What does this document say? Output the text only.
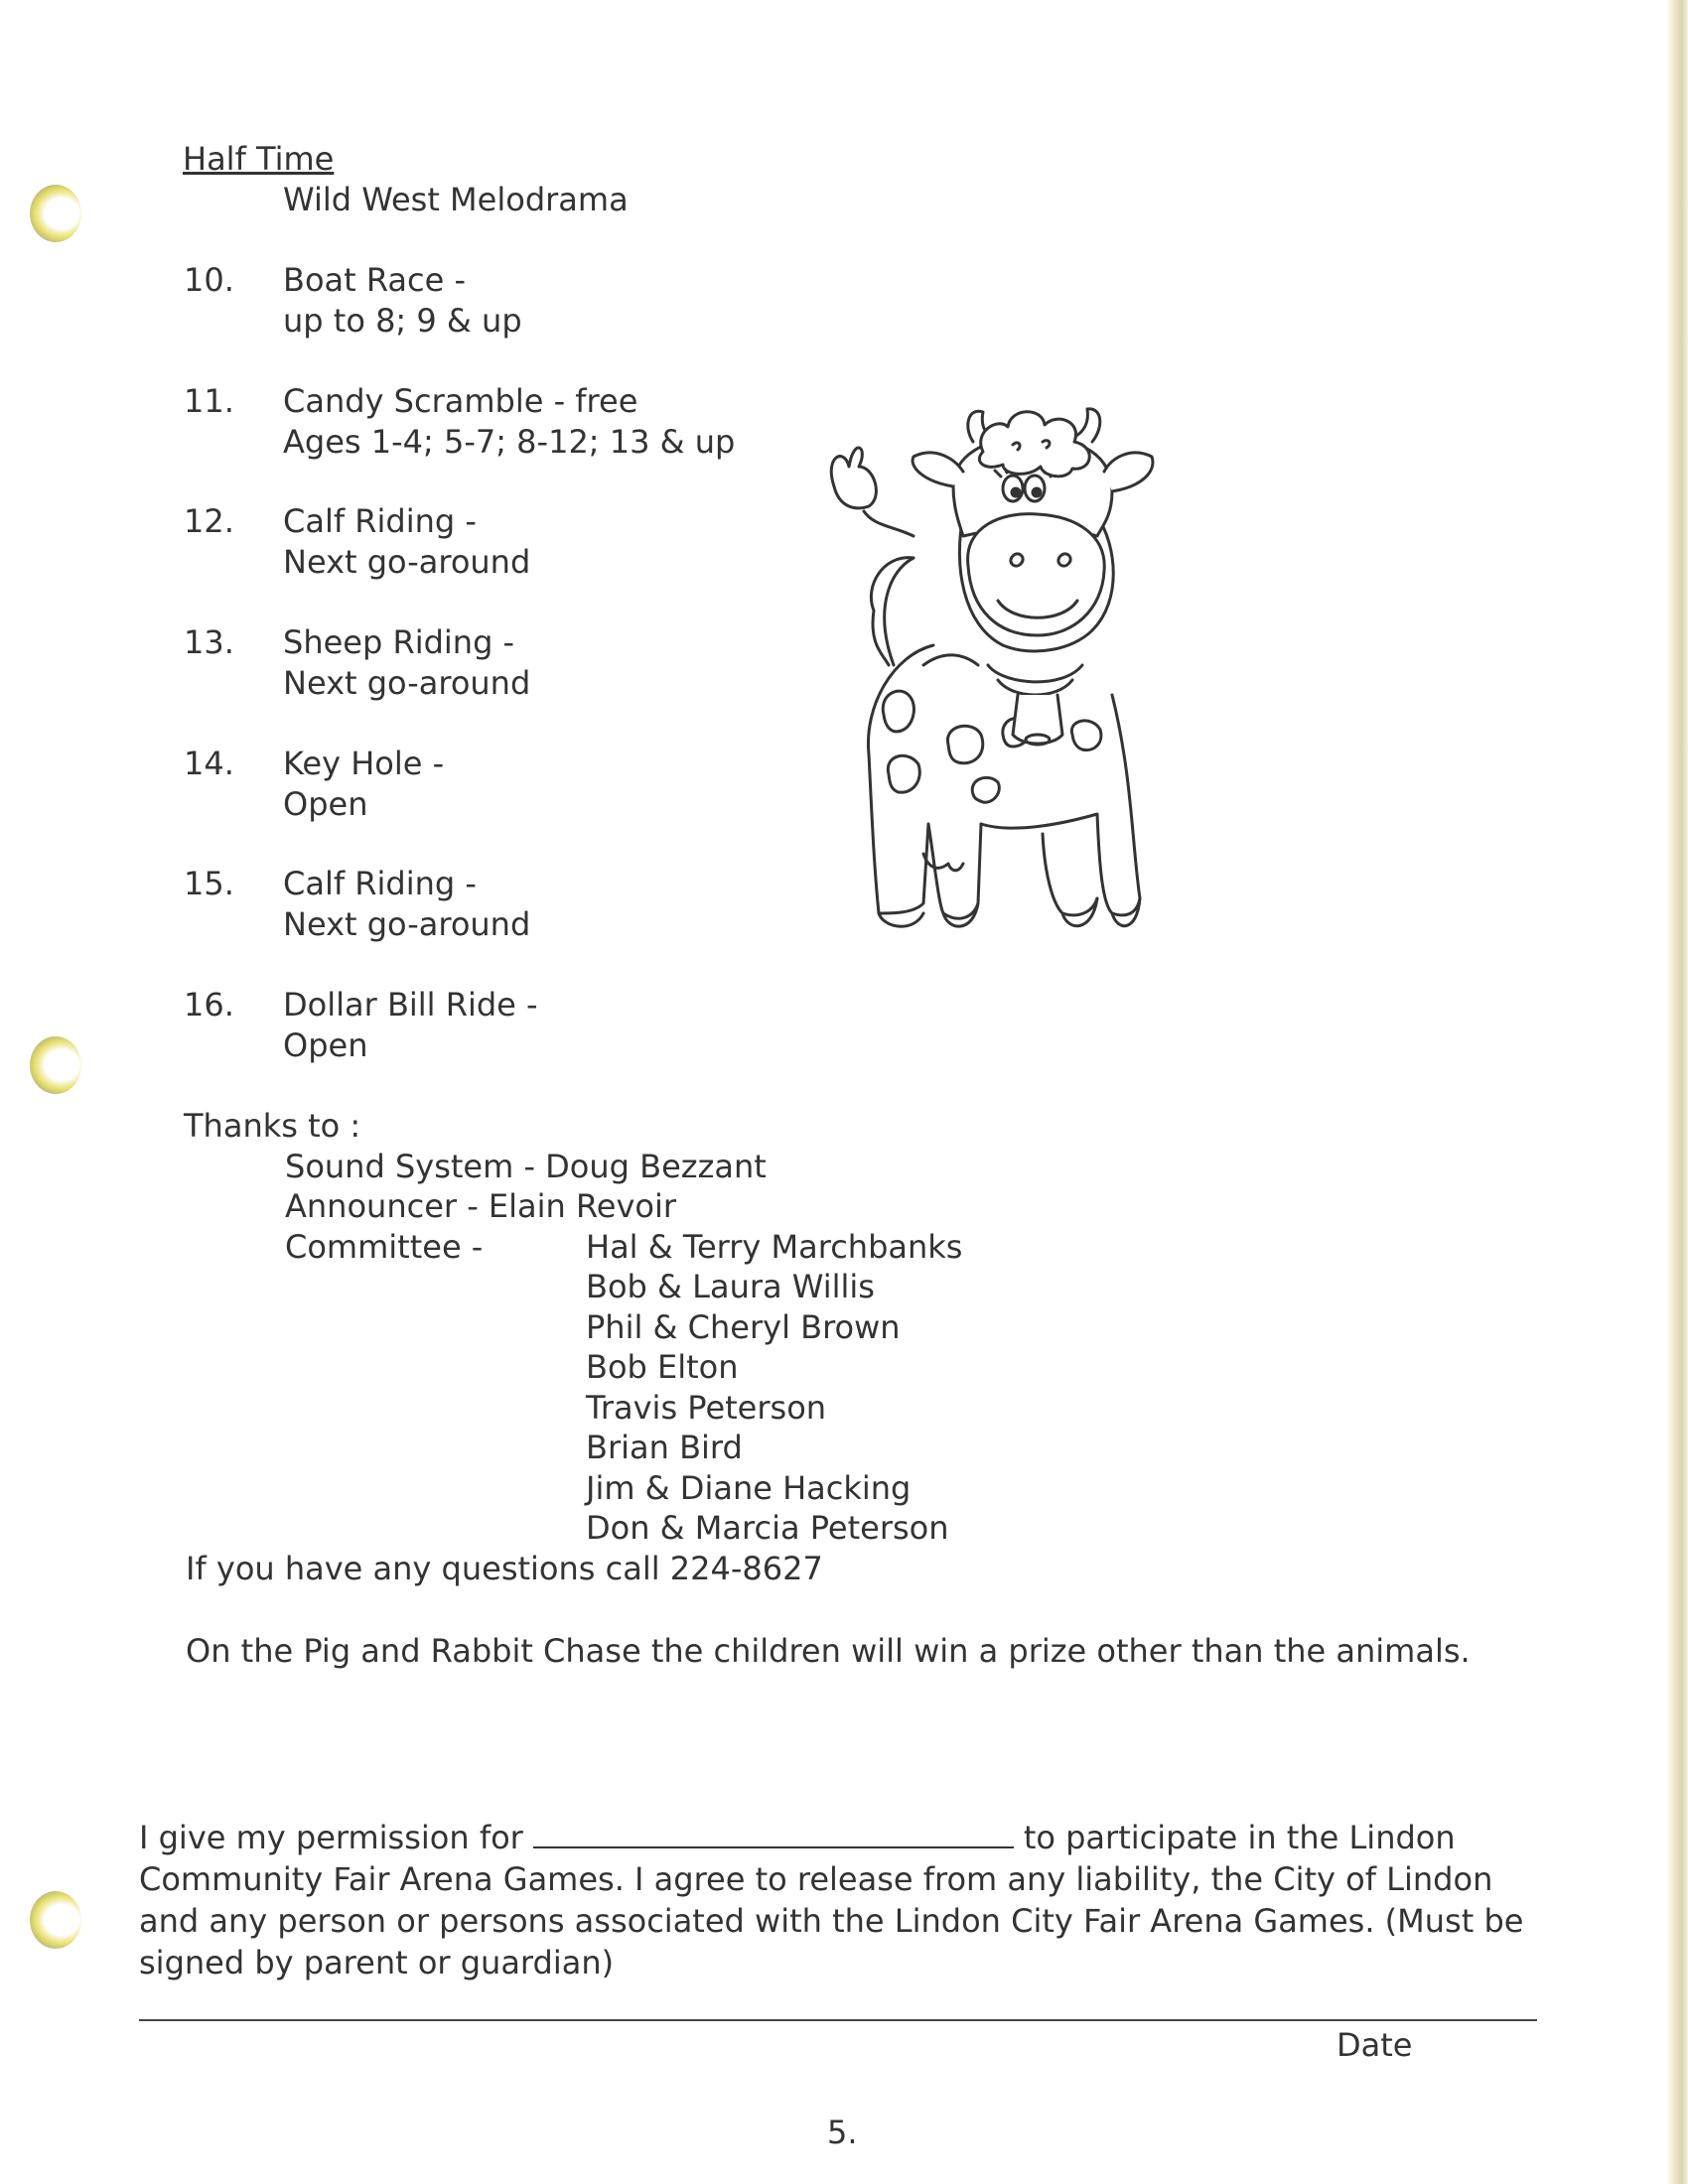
Half Time
Wild West Melodrama
10. Boat Race -
up to 8; 9 & up
11. Candy Scramble - free
Ages 1-4; 5-7; 8-12; 13 & up
12. Calf Riding -
Next go-around
13. Sheep Riding -
Next go-around
14. Key Hole -
Open
15. Calf Riding -
Next go-around
16. Dollar Bill Ride -
Open
Thanks to :
Sound System - Doug Bezzant
Announcer - Elain Revoir
Committee -	Hal & Terry Marchbanks
Bob & Laura Willis
Phil & Cheryl Brown
Bob Elton
Travis Peterson
Brian Bird
Jim & Diane Hacking
Don & Marcia Peterson
If you have any questions call 224-8627
On the Pig and Rabbit Chase the children will win a prize other than the animals.
I give my permission for	to participate in the Lindon Community Fair Arena Games. I agree to release from any liability, the City of Lindon and any person or persons associated with the Lindon City Fair Arena Games. (Must be signed by parent or guardian)
Date
5.
